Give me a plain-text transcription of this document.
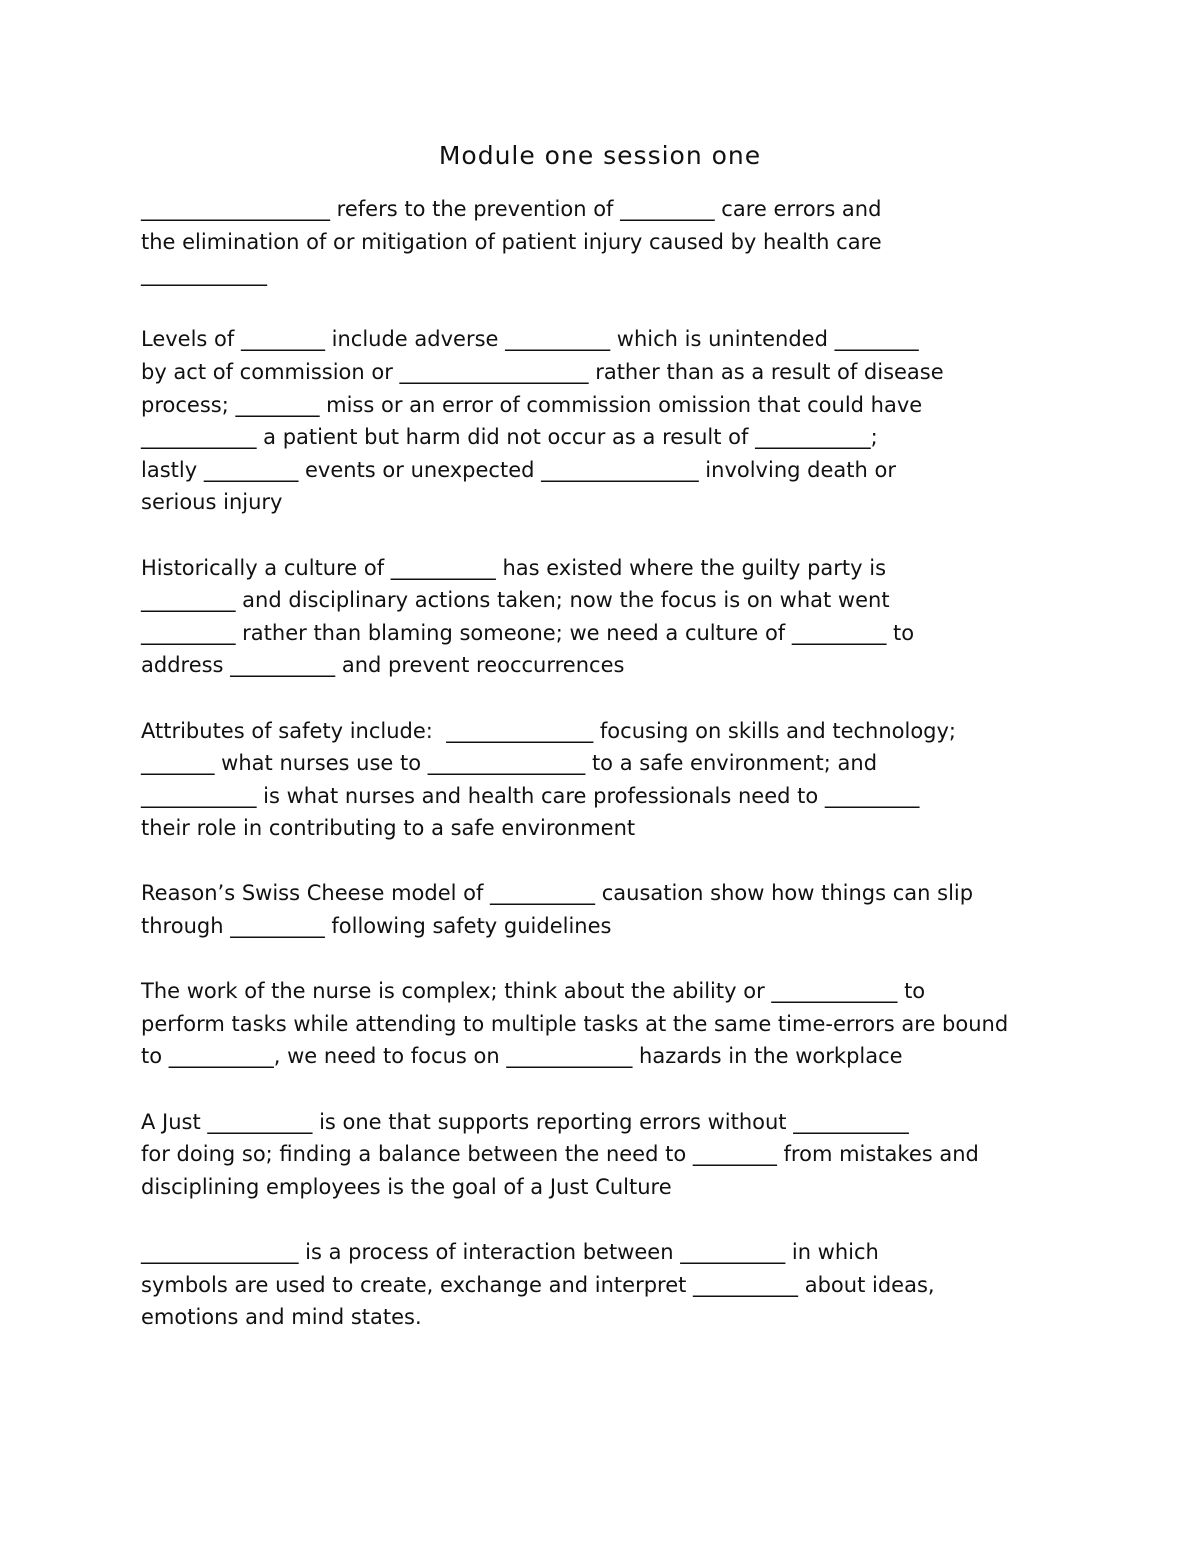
Module one session one
__________________ refers to the prevention of _________ care errors and
the elimination of or mitigation of patient injury caused by health care
____________
Levels of ________ include adverse __________ which is unintended ________
by act of commission or __________________ rather than as a result of disease
process; ________ miss or an error of commission omission that could have
___________ a patient but harm did not occur as a result of ___________;
lastly _________ events or unexpected _______________ involving death or
serious injury
Historically a culture of __________ has existed where the guilty party is
_________ and disciplinary actions taken; now the focus is on what went
_________ rather than blaming someone; we need a culture of _________ to
address __________ and prevent reoccurrences
Attributes of safety include:  ______________ focusing on skills and technology;
_______ what nurses use to _______________ to a safe environment; and
___________ is what nurses and health care professionals need to _________
their role in contributing to a safe environment
Reason’s Swiss Cheese model of __________ causation show how things can slip
through _________ following safety guidelines
The work of the nurse is complex; think about the ability or ____________ to
perform tasks while attending to multiple tasks at the same time-errors are bound
to __________, we need to focus on ____________ hazards in the workplace
A Just __________ is one that supports reporting errors without ___________
for doing so; finding a balance between the need to ________ from mistakes and
disciplining employees is the goal of a Just Culture
_______________ is a process of interaction between __________ in which
symbols are used to create, exchange and interpret __________ about ideas,
emotions and mind states.
